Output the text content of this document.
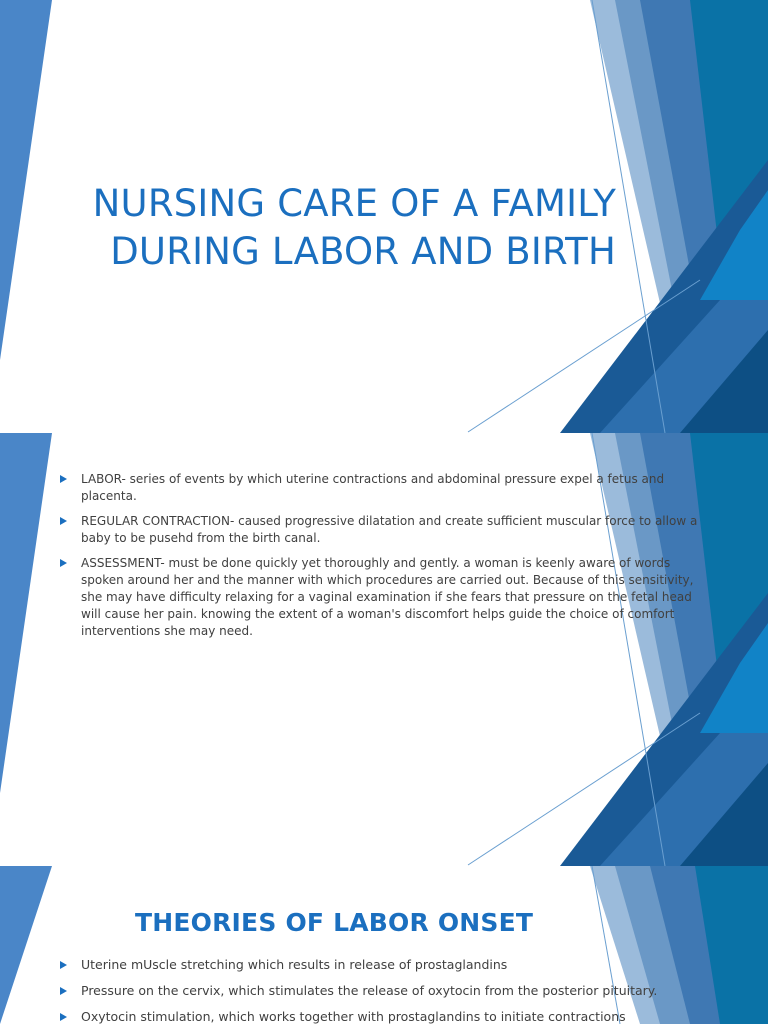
NURSING CARE OF A FAMILY
DURING LABOR AND BIRTH
LABOR- series of events by which uterine contractions and abdominal pressure expel a fetus and placenta.
REGULAR CONTRACTION- caused progressive dilatation and create sufficient muscular force to allow a baby to be pusehd from the birth canal.
ASSESSMENT- must be done quickly yet thoroughly and gently. a woman is keenly aware of words spoken around her and the manner with which procedures are carried out. Because of this sensitivity, she may have difficulty relaxing for a vaginal examination if she fears that pressure on the fetal head will cause her pain. knowing the extent of a woman's discomfort helps guide the choice of comfort interventions she may need.
THEORIES OF LABOR ONSET
Uterine mUscle stretching which results in release of prostaglandins
Pressure on the cervix, which stimulates the release of oxytocin from the posterior pituitary.
Oxytocin stimulation, which works together with prostaglandins to initiate contractions
